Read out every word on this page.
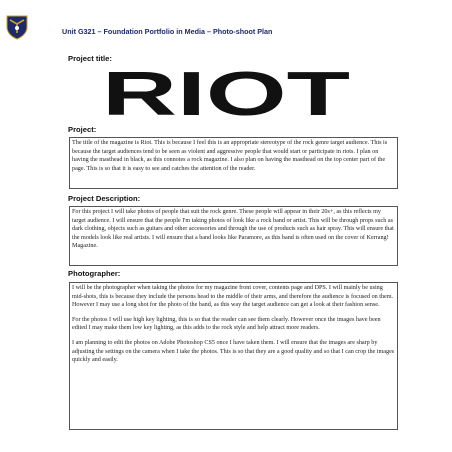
Unit G321 – Foundation Portfolio in Media – Photo-shoot Plan
Project title:
RIOT
Project:

The title of the magazine is Riot. This is because I feel this is an appropriate stereotype of the rock genre target audience. This is because the target audiences tend to be seen as violent and aggressive people that would start or participate in riots. I plan on having the masthead in black, as this connotes a rock magazine. I also plan on having the masthead on the top center part of the page. This is so that it is easy to see and catches the attention of the reader.

Project Description:

For this project I will take photos of people that suit the rock genre. These people will appear in their 20s+, as this reflects my target audience. I will ensure that the people I'm taking photos of look like a rock band or artist. This will be through props such as dark clothing, objects such as guitars and other accessories and through the use of products such as hair spray. This will ensure that the models look like real artists. I will ensure that a band looks like Paramore, as this band is often used on the cover of Kerrang! Magazine.

Photographer:

I will be the photographer when taking the photos for my magazine front cover, contents page and DPS. I will mainly be using mid-shots, this is because they include the persons head to the middle of their arms, and therefore the audience is focused on them. However I may use a long shot for the photo of the band, as this way the target audience can get a look at their fashion sense.

For the photos I will use high key lighting, this is so that the reader can see them clearly. However once the images have been edited I may make them low key lighting, as this adds to the rock style and help attract more readers.

I am planning to edit the photos on Adobe Photoshop CS5 once I have taken them. I will ensure that the images are sharp by adjusting the settings on the camera when I take the photos. This is so that they are a good quality and so that I can crop the images quickly and easily.
